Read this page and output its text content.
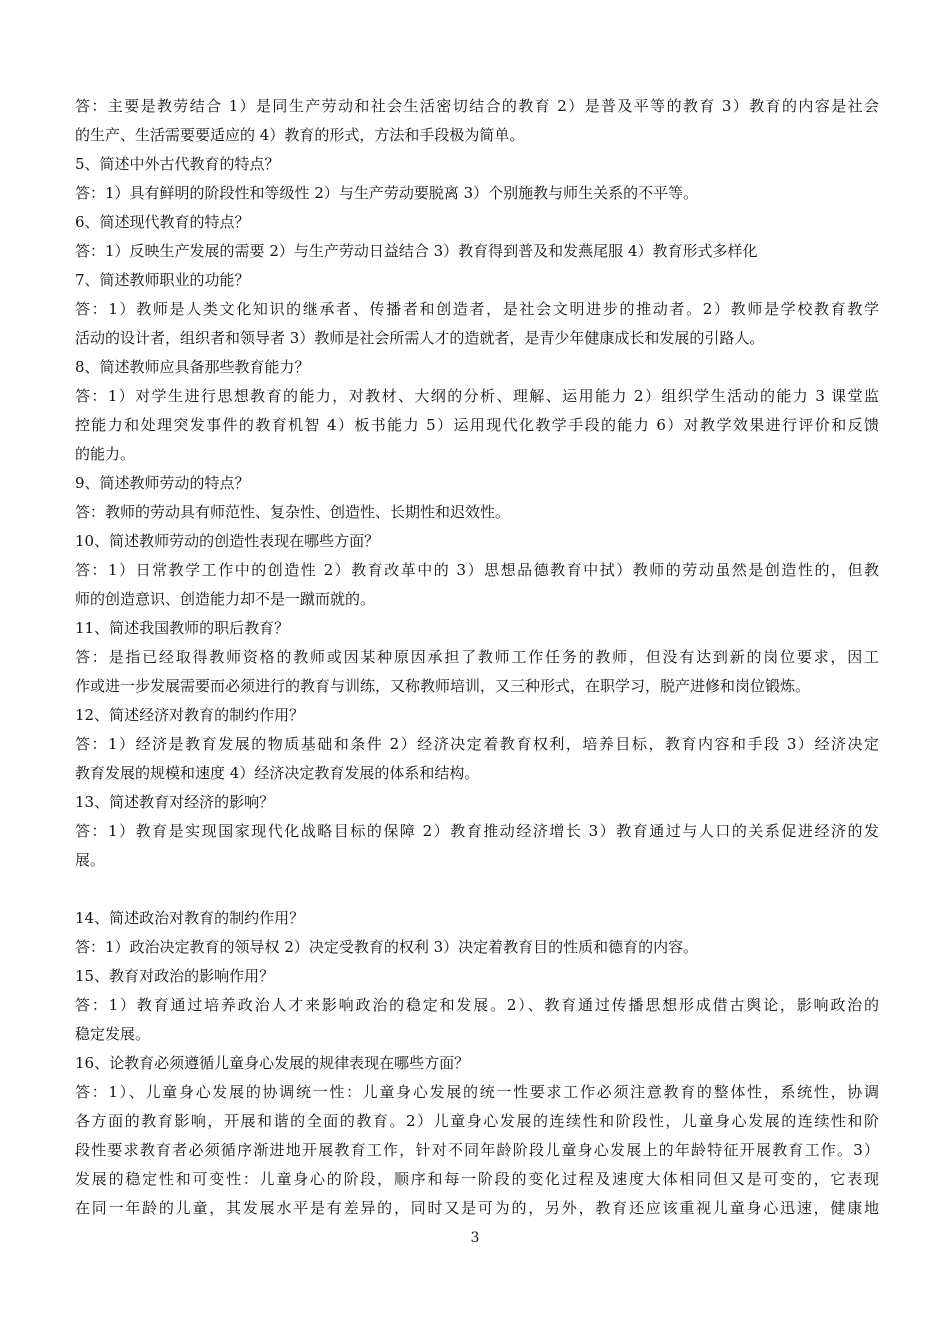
答：主要是教劳结合 1）是同生产劳动和社会生活密切结合的教育 2）是普及平等的教育 3）教育的内容是社会
的生产、生活需要要适应的 4）教育的形式，方法和手段极为简单。
5、简述中外古代教育的特点？
答：1）具有鲜明的阶段性和等级性 2）与生产劳动要脱离 3）个别施教与师生关系的不平等。
6、简述现代教育的特点？
答：1）反映生产发展的需要 2）与生产劳动日益结合 3）教育得到普及和发燕尾服 4）教育形式多样化
7、简述教师职业的功能？
答：1）教师是人类文化知识的继承者、传播者和创造者，是社会文明进步的推动者。2）教师是学校教育教学
活动的设计者，组织者和领导者 3）教师是社会所需人才的造就者，是青少年健康成长和发展的引路人。
8、简述教师应具备那些教育能力？
答：1）对学生进行思想教育的能力，对教材、大纲的分析、理解、运用能力 2）组织学生活动的能力 3 课堂监
控能力和处理突发事件的教育机智 4）板书能力 5）运用现代化教学手段的能力 6）对教学效果进行评价和反馈
的能力。
9、简述教师劳动的特点？
答：教师的劳动具有师范性、复杂性、创造性、长期性和迟效性。
10、简述教师劳动的创造性表现在哪些方面？
答：1）日常教学工作中的创造性 2）教育改革中的 3）思想品德教育中拭）教师的劳动虽然是创造性的，但教
师的创造意识、创造能力却不是一蹴而就的。
11、简述我国教师的职后教育？
答：是指已经取得教师资格的教师或因某种原因承担了教师工作任务的教师，但没有达到新的岗位要求，因工
作或进一步发展需要而必须进行的教育与训练，又称教师培训，又三种形式，在职学习，脱产进修和岗位锻炼。
12、简述经济对教育的制约作用？
答：1）经济是教育发展的物质基础和条件 2）经济决定着教育权利，培养目标，教育内容和手段 3）经济决定
教育发展的规模和速度 4）经济决定教育发展的体系和结构。
13、简述教育对经济的影响？
答：1）教育是实现国家现代化战略目标的保障 2）教育推动经济增长 3）教育通过与人口的关系促进经济的发
展。
14、简述政治对教育的制约作用？
答：1）政治决定教育的领导权 2）决定受教育的权利 3）决定着教育目的性质和德育的内容。
15、教育对政治的影响作用？
答：1）教育通过培养政治人才来影响政治的稳定和发展。2）、教育通过传播思想形成借古舆论，影响政治的
稳定发展。
16、论教育必须遵循儿童身心发展的规律表现在哪些方面？
答：1）、儿童身心发展的协调统一性：儿童身心发展的统一性要求工作必须注意教育的整体性，系统性，协调
各方面的教育影响，开展和谐的全面的教育。2）儿童身心发展的连续性和阶段性，儿童身心发展的连续性和阶
段性要求教育者必须循序渐进地开展教育工作，针对不同年龄阶段儿童身心发展上的年龄特征开展教育工作。3）
发展的稳定性和可变性：儿童身心的阶段，顺序和每一阶段的变化过程及速度大体相同但又是可变的，它表现
在同一年龄的儿童，其发展水平是有差异的，同时又是可为的，另外，教育还应该重视儿童身心迅速，健康地
3
